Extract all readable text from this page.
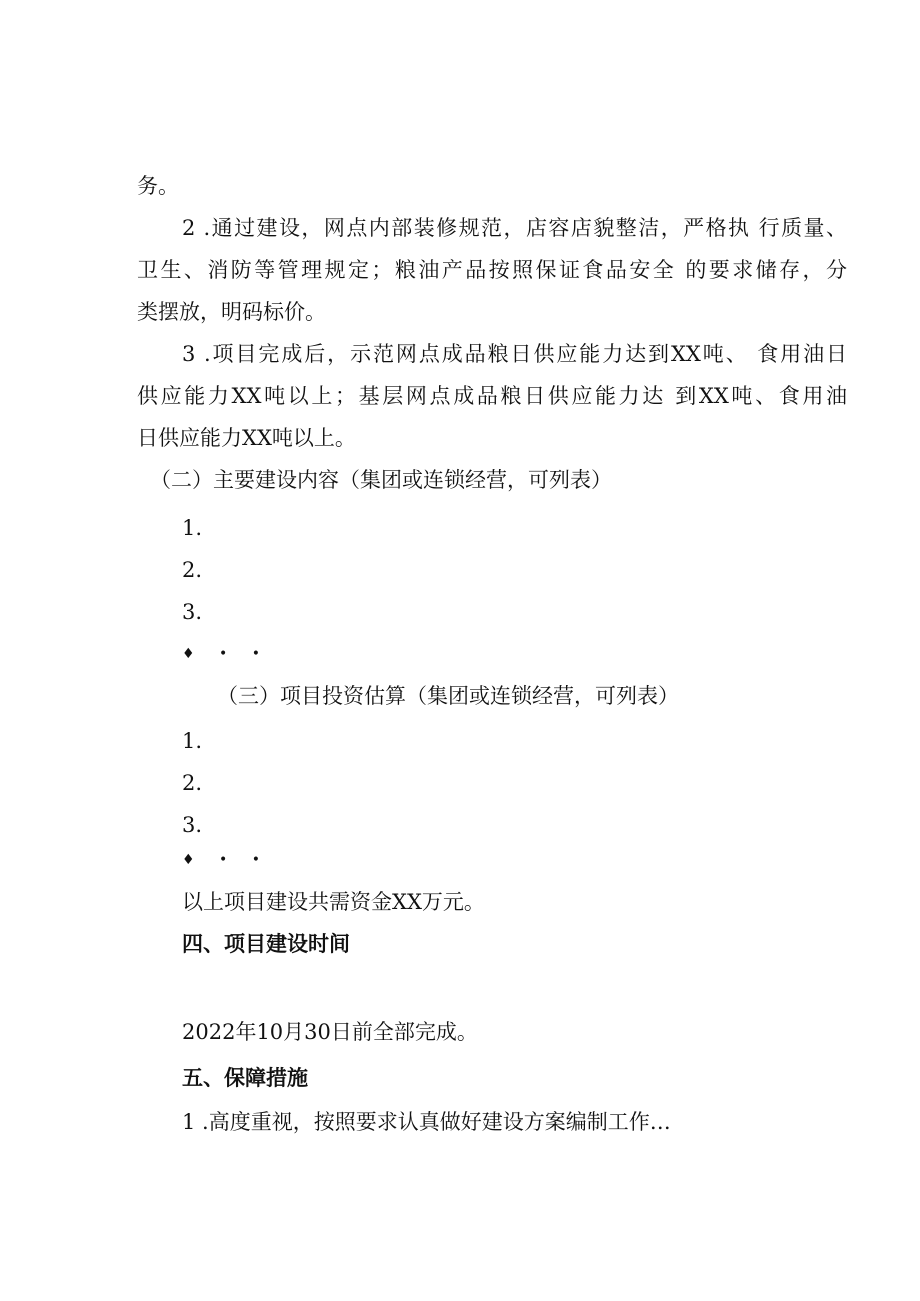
务。
2 .通过建设，网点内部装修规范，店容店貌整洁，严格执 行质量、
卫生、消防等管理规定；粮油产品按照保证食品安全 的要求储存，分
类摆放，明码标价。
3 .项目完成后，示范网点成品粮日供应能力达到XX吨、 食用油日
供应能力XX吨以上；基层网点成品粮日供应能力达 到XX吨、食用油
日供应能力XX吨以上。
（二）主要建设内容（集团或连锁经营，可列表）
1.
2.
3.
♦ • •
（三）项目投资估算（集团或连锁经营，可列表）
1.
2.
3.
♦ • •
以上项目建设共需资金XX万元。
四、项目建设时间
2022年10月30日前全部完成。
五、保障措施
1 .高度重视，按照要求认真做好建设方案编制工作…
